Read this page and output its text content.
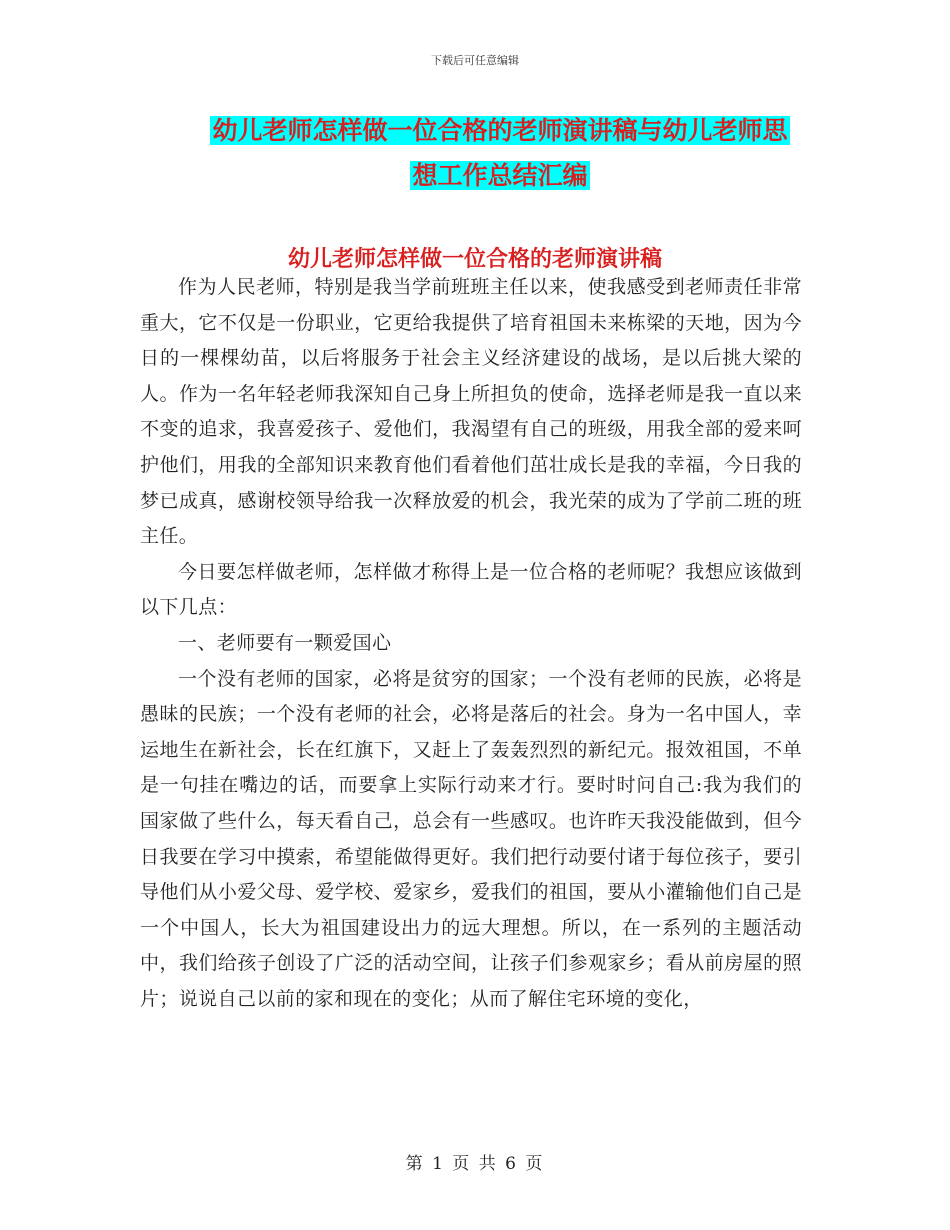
下载后可任意编辑
幼儿老师怎样做一位合格的老师演讲稿与幼儿老师思
想工作总结汇编
幼儿老师怎样做一位合格的老师演讲稿

作为人民老师，特别是我当学前班班主任以来，使我感受到老师责任非常重大，它不仅是一份职业，它更给我提供了培育祖国未来栋梁的天地，因为今日的一棵棵幼苗，以后将服务于社会主义经济建设的战场，是以后挑大梁的人。作为一名年轻老师我深知自己身上所担负的使命，选择老师是我一直以来不变的追求，我喜爱孩子、爱他们，我渴望有自己的班级，用我全部的爱来呵护他们，用我的全部知识来教育他们看着他们茁壮成长是我的幸福，今日我的梦已成真，感谢校领导给我一次释放爱的机会，我光荣的成为了学前二班的班主任。

今日要怎样做老师，怎样做才称得上是一位合格的老师呢？我想应该做到以下几点：

一、老师要有一颗爱国心

一个没有老师的国家，必将是贫穷的国家；一个没有老师的民族，必将是愚昧的民族；一个没有老师的社会，必将是落后的社会。身为一名中国人，幸运地生在新社会，长在红旗下，又赶上了轰轰烈烈的新纪元。报效祖国，不单是一句挂在嘴边的话，而要拿上实际行动来才行。要时时问自己:我为我们的国家做了些什么，每天看自己，总会有一些感叹。也许昨天我没能做到，但今日我要在学习中摸索，希望能做得更好。我们把行动要付诸于每位孩子，要引导他们从小爱父母、爱学校、爱家乡，爱我们的祖国，要从小灌输他们自己是一个中国人，长大为祖国建设出力的远大理想。所以，在一系列的主题活动中，我们给孩子创设了广泛的活动空间，让孩子们参观家乡；看从前房屋的照片；说说自己以前的家和现在的变化；从而了解住宅环境的变化，

第 1 页 共 6 页
